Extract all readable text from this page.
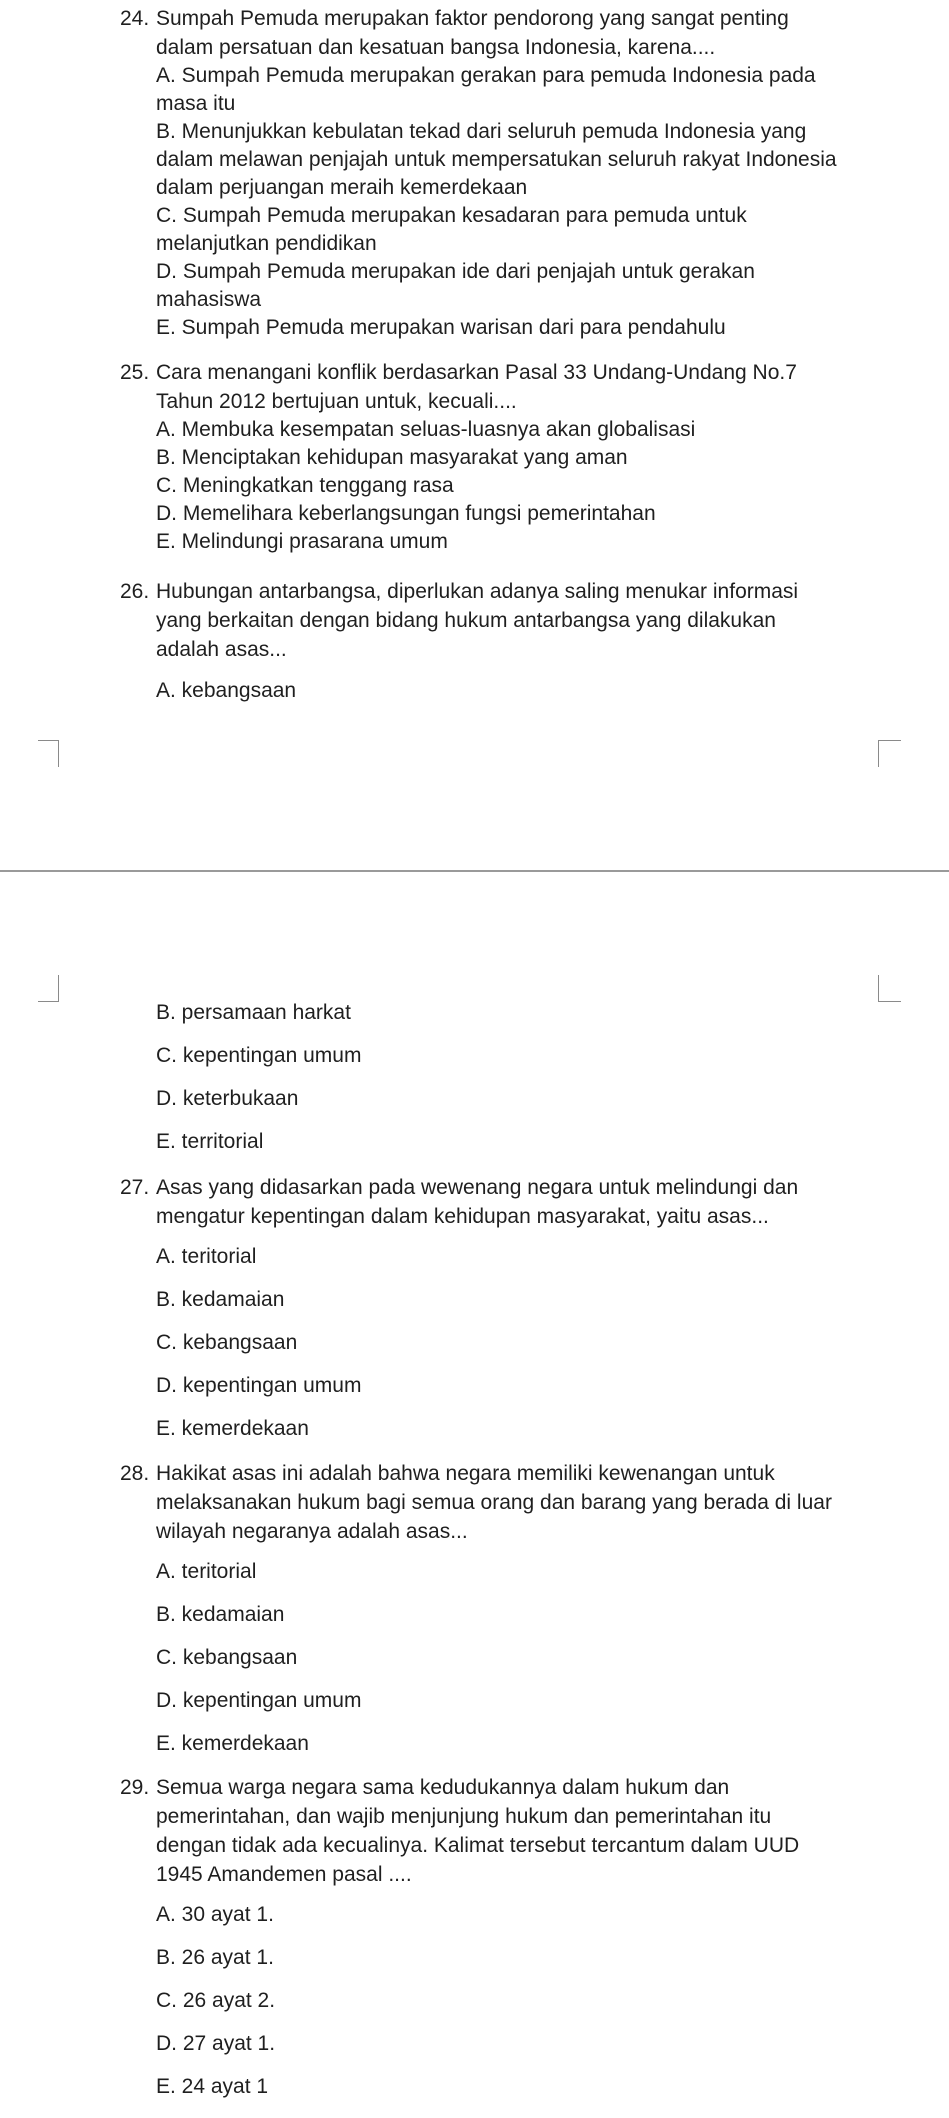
24. Sumpah Pemuda merupakan faktor pendorong yang sangat penting
dalam persatuan dan kesatuan bangsa Indonesia, karena....
A. Sumpah Pemuda merupakan gerakan para pemuda Indonesia pada
masa itu
B. Menunjukkan kebulatan tekad dari seluruh pemuda Indonesia yang
dalam melawan penjajah untuk mempersatukan seluruh rakyat Indonesia
dalam perjuangan meraih kemerdekaan
C. Sumpah Pemuda merupakan kesadaran para pemuda untuk
melanjutkan pendidikan
D. Sumpah Pemuda merupakan ide dari penjajah untuk gerakan
mahasiswa
E. Sumpah Pemuda merupakan warisan dari para pendahulu
25. Cara menangani konflik berdasarkan Pasal 33 Undang-Undang No.7
Tahun 2012 bertujuan untuk, kecuali....
A. Membuka kesempatan seluas-luasnya akan globalisasi
B. Menciptakan kehidupan masyarakat yang aman
C. Meningkatkan tenggang rasa
D. Memelihara keberlangsungan fungsi pemerintahan
E. Melindungi prasarana umum
26. Hubungan antarbangsa, diperlukan adanya saling menukar informasi
yang berkaitan dengan bidang hukum antarbangsa yang dilakukan
adalah asas...
A. kebangsaan
B. persamaan harkat
C. kepentingan umum
D. keterbukaan
E. territorial
27. Asas yang didasarkan pada wewenang negara untuk melindungi dan
mengatur kepentingan dalam kehidupan masyarakat, yaitu asas...
A. teritorial
B. kedamaian
C. kebangsaan
D. kepentingan umum
E. kemerdekaan
28. Hakikat asas ini adalah bahwa negara memiliki kewenangan untuk
melaksanakan hukum bagi semua orang dan barang yang berada di luar
wilayah negaranya adalah asas...
A. teritorial
B. kedamaian
C. kebangsaan
D. kepentingan umum
E. kemerdekaan
29. Semua warga negara sama kedudukannya dalam hukum dan
pemerintahan, dan wajib menjunjung hukum dan pemerintahan itu
dengan tidak ada kecualinya. Kalimat tersebut tercantum dalam UUD
1945 Amandemen pasal ....
A. 30 ayat 1.
B. 26 ayat 1.
C. 26 ayat 2.
D. 27 ayat 1.
E. 24 ayat 1
